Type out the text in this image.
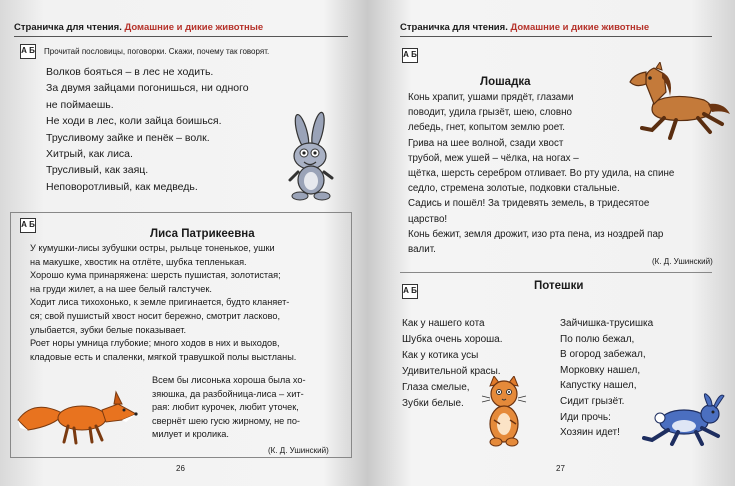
Страничка для чтения. Домашние и дикие животные
А Б Прочитай пословицы, поговорки. Скажи, почему так говорят.
Волков бояться – в лес не ходить.
За двумя зайцами погонишься, ни одного
не поймаешь.
Не ходи в лес, коли зайца боишься.
Трусливому зайке и пенёк – волк.
Хитрый, как лиса.
Трусливый, как заяц.
Неповоротливый, как медведь.
А Б
Лиса Патрикеевна
У кумушки-лисы зубушки остры, рыльце тоненькое, ушки
на макушке, хвостик на отлёте, шубка тепленькая.
Хорошо кума принаряжена: шерсть пушистая, золотистая;
на груди жилет, а на шее белый галстучек.
Ходит лиса тихохонько, к земле пригинается, будто кланяет-
ся; свой пушистый хвост носит бережно, смотрит ласково,
улыбается, зубки белые показывает.
Роет норы умница глубокие; много ходов в них и выходов,
кладовые есть и спаленки, мягкой травушкой полы выстланы.
Всем бы лисонька хороша была хо-
зяюшка, да разбойница-лиса – хит-
рая: любит курочек, любит уточек,
свернёт шею гусю жирному, не по-
милует и кролика.
(К. Д. Ушинский)
26
Страничка для чтения. Домашние и дикие животные
А Б
Лошадка
Конь храпит, ушами прядёт, глазами
поводит, удила грызёт, шею, словно
лебедь, гнет, копытом землю роет.
Грива на шее волной, сзади хвост
трубой, меж ушей – чёлка, на ногах –
щётка, шерсть серебром отливает. Во рту удила, на спине
седло, стремена золотые, подковки стальные.
Садись и пошёл! За тридевять земель, в тридесятое
царство!
Конь бежит, земля дрожит, изо рта пена, из ноздрей пар
валит.
(К. Д. Ушинский)
А Б	Потешки
Как у нашего кота
Шубка очень хороша.
Как у котика усы
Удивительной красы.
Глаза смелые,
Зубки белые.
Зайчишка-трусишка
По полю бежал,
В огород забежал,
Морковку нашел,
Капустку нашел,
Сидит грызёт.
Иди прочь:
Хозяин идет!
27
